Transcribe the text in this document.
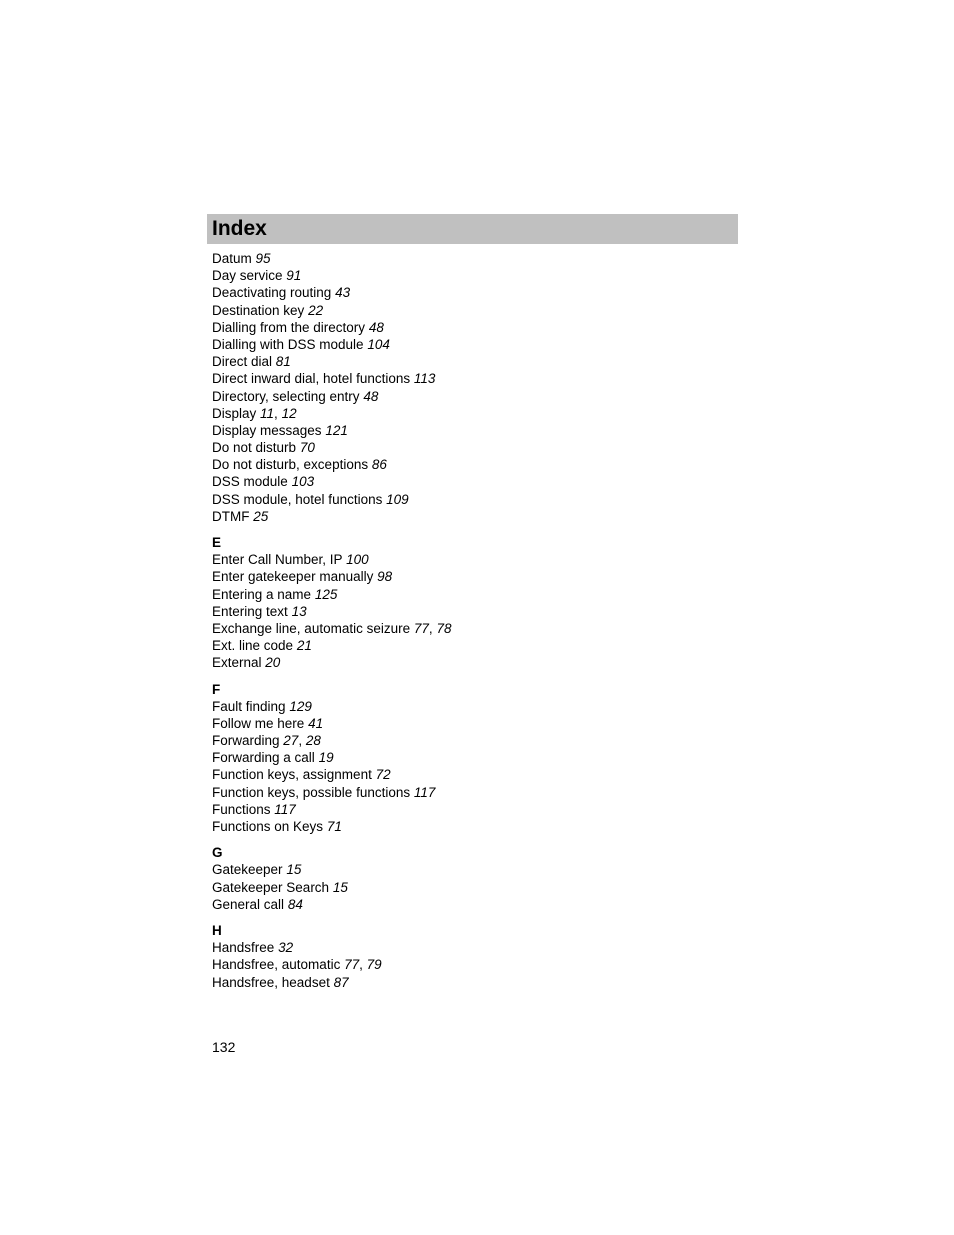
Index
Datum 95
Day service 91
Deactivating routing 43
Destination key 22
Dialling from the directory 48
Dialling with DSS module 104
Direct dial 81
Direct inward dial, hotel functions 113
Directory, selecting entry 48
Display 11, 12
Display messages 121
Do not disturb 70
Do not disturb, exceptions 86
DSS module 103
DSS module, hotel functions 109
DTMF 25
E
Enter Call Number, IP 100
Enter gatekeeper manually 98
Entering a name 125
Entering text 13
Exchange line, automatic seizure 77, 78
Ext. line code 21
External 20
F
Fault finding 129
Follow me here 41
Forwarding 27, 28
Forwarding a call 19
Function keys, assignment 72
Function keys, possible functions 117
Functions 117
Functions on Keys 71
G
Gatekeeper 15
Gatekeeper Search 15
General call 84
H
Handsfree 32
Handsfree, automatic 77, 79
Handsfree, headset 87
132
